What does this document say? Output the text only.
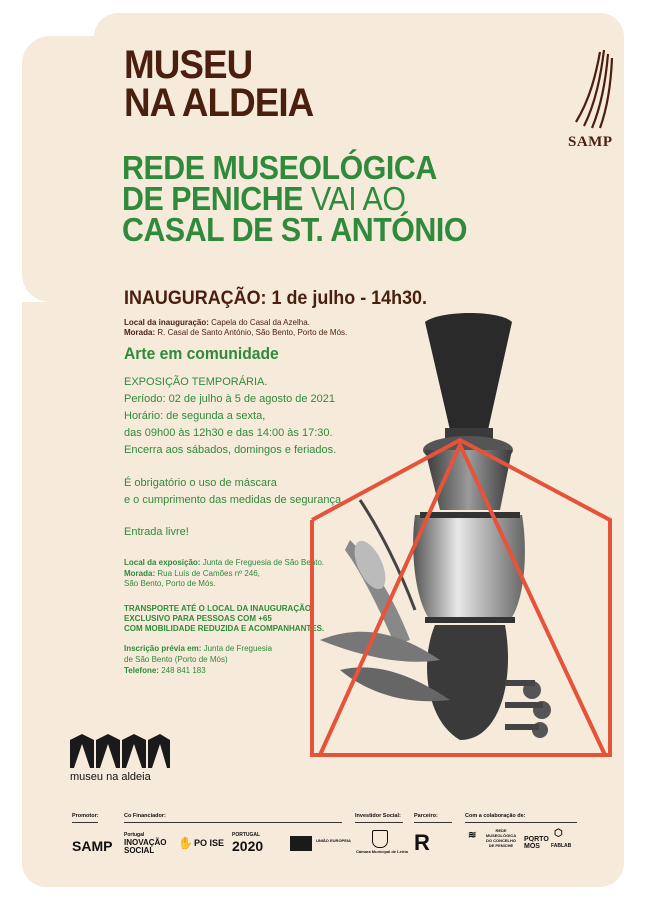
SAMP
MUSEU
NA ALDEIA
REDE MUSEOLÓGICA
DE PENICHE VAI AO
CASAL DE ST. ANTÓNIO
INAUGURAÇÃO: 1 de julho - 14h30.
Local da inauguração: Capela do Casal da Azelha.
Morada: R. Casal de Santo António, São Bento, Porto de Mós.
Arte em comunidade
EXPOSIÇÃO TEMPORÁRIA.
Período: 02 de julho à 5 de agosto de 2021
Horário: de segunda a sexta,
das 09h00 às 12h30 e das 14:00 às 17:30.
Encerra aos sábados, domingos e feriados.
É obrigatório o uso de máscara
e o cumprimento das medidas de segurança.
Entrada livre!
Local da exposição: Junta de Freguesia de São Bento.
Morada: Rua Luís de Camões nº 246,
São Bento, Porto de Mós.
TRANSPORTE ATÉ O LOCAL DA INAUGURAÇÃO
EXCLUSIVO PARA PESSOAS COM +65
COM MOBILIDADE REDUZIDA E ACOMPANHANTES.
Inscrição prévia em: Junta de Freguesia
de São Bento (Porto de Mós)
Telefone: 248 841 183
museu na aldeia
Promotor:	Co Financiador:	Investidor Social: Parceiro:	Com a colaboração de:
SAMP
Portugal
INOVAÇÃO SOCIAL
✋ PO ISE
PORTUGAL
2020	UNIÃO EUROPEIA
Câmara Municipal de Leiria R	≋	REDE MUSEOLÓGICA DO CONCELHO DE PENICHE
PORTO MÓS
⬡
FABLAB
